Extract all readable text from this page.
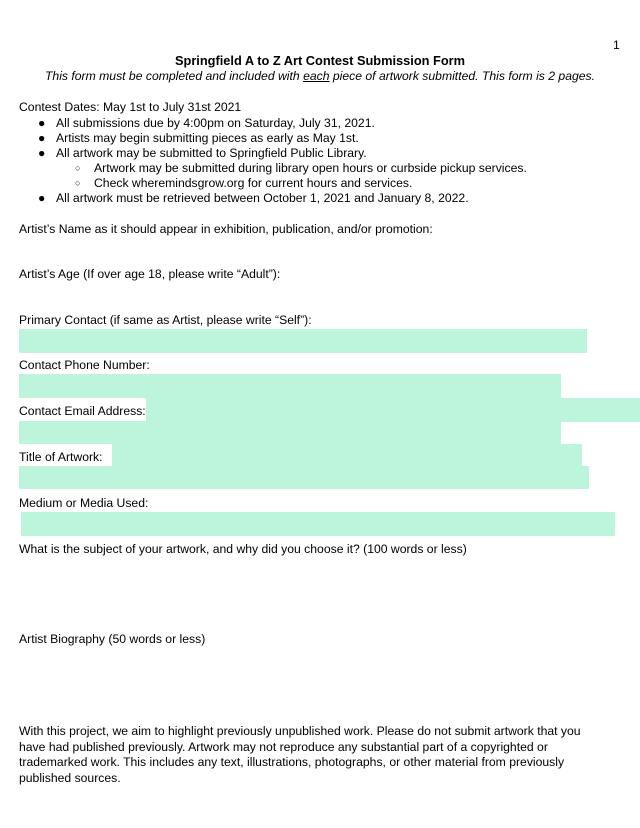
1
Springfield A to Z Art Contest Submission Form
This form must be completed and included with each piece of artwork submitted. This form is 2 pages.
Contest Dates: May 1st to July 31st 2021
● All submissions due by 4:00pm on Saturday, July 31, 2021.
● Artists may begin submitting pieces as early as May 1st.
● All artwork may be submitted to Springfield Public Library.
○ Artwork may be submitted during library open hours or curbside pickup services.
○ Check wheremindsgrow.org for current hours and services.
● All artwork must be retrieved between October 1, 2021 and January 8, 2022.
Artist’s Name as it should appear in exhibition, publication, and/or promotion:
Artist’s Age (If over age 18, please write “Adult”):
Primary Contact (if same as Artist, please write “Self”):
Contact Phone Number:
Contact Email Address:
Title of Artwork:
Medium or Media Used:
What is the subject of your artwork, and why did you choose it? (100 words or less)
Artist Biography (50 words or less)
With this project, we aim to highlight previously unpublished work. Please do not submit artwork that you have had published previously. Artwork may not reproduce any substantial part of a copyrighted or trademarked work. This includes any text, illustrations, photographs, or other material from previously published sources.
